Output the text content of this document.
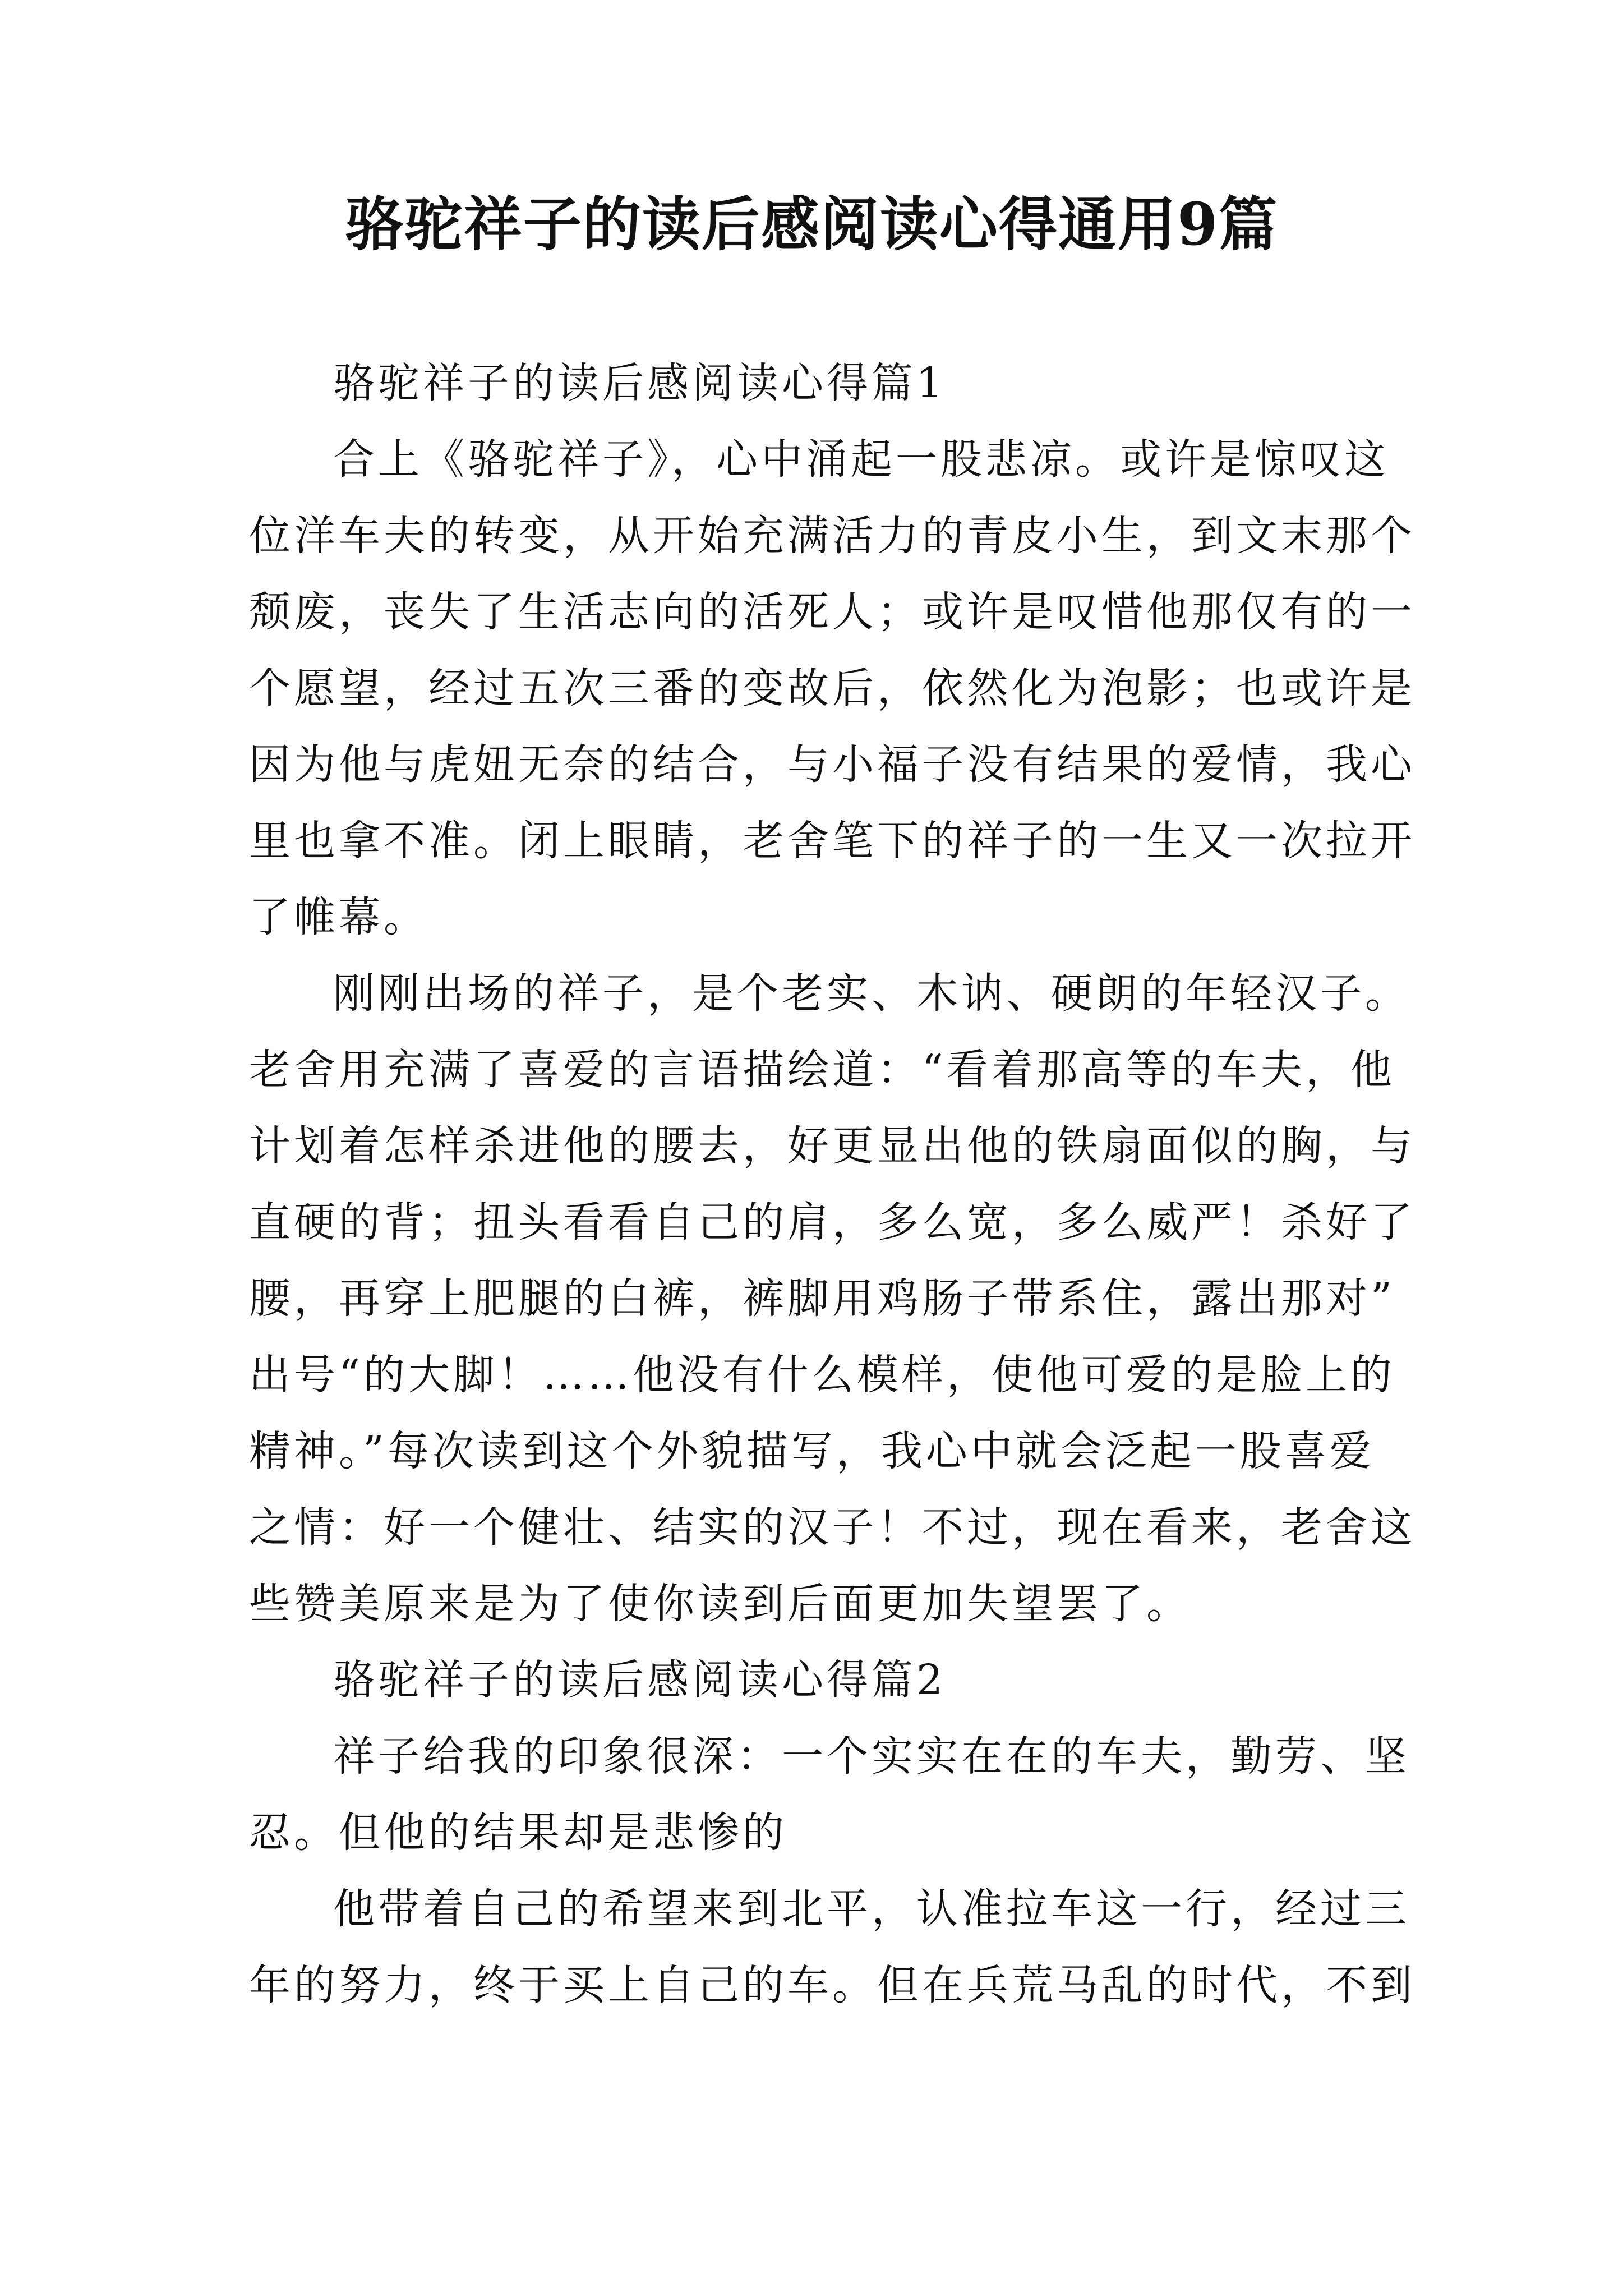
骆驼祥子的读后感阅读心得通用9篇
骆驼祥子的读后感阅读心得篇1
合上《骆驼祥子》，心中涌起一股悲凉。或许是惊叹这
位洋车夫的转变，从开始充满活力的青皮小生，到文末那个
颓废，丧失了生活志向的活死人；或许是叹惜他那仅有的一
个愿望，经过五次三番的变故后，依然化为泡影；也或许是
因为他与虎妞无奈的结合，与小福子没有结果的爱情，我心
里也拿不准。闭上眼睛，老舍笔下的祥子的一生又一次拉开
了帷幕。
刚刚出场的祥子，是个老实、木讷、硬朗的年轻汉子。
老舍用充满了喜爱的言语描绘道：“看着那高等的车夫，他
计划着怎样杀进他的腰去，好更显出他的铁扇面似的胸，与
直硬的背；扭头看看自己的肩，多么宽，多么威严！杀好了
腰，再穿上肥腿的白裤，裤脚用鸡肠子带系住，露出那对”
出号“的大脚！……他没有什么模样，使他可爱的是脸上的
精神。”每次读到这个外貌描写，我心中就会泛起一股喜爱
之情：好一个健壮、结实的汉子！不过，现在看来，老舍这
些赞美原来是为了使你读到后面更加失望罢了。
骆驼祥子的读后感阅读心得篇2
祥子给我的印象很深：一个实实在在的车夫，勤劳、坚
忍。但他的结果却是悲惨的
他带着自己的希望来到北平，认准拉车这一行，经过三
年的努力，终于买上自己的车。但在兵荒马乱的时代，不到
